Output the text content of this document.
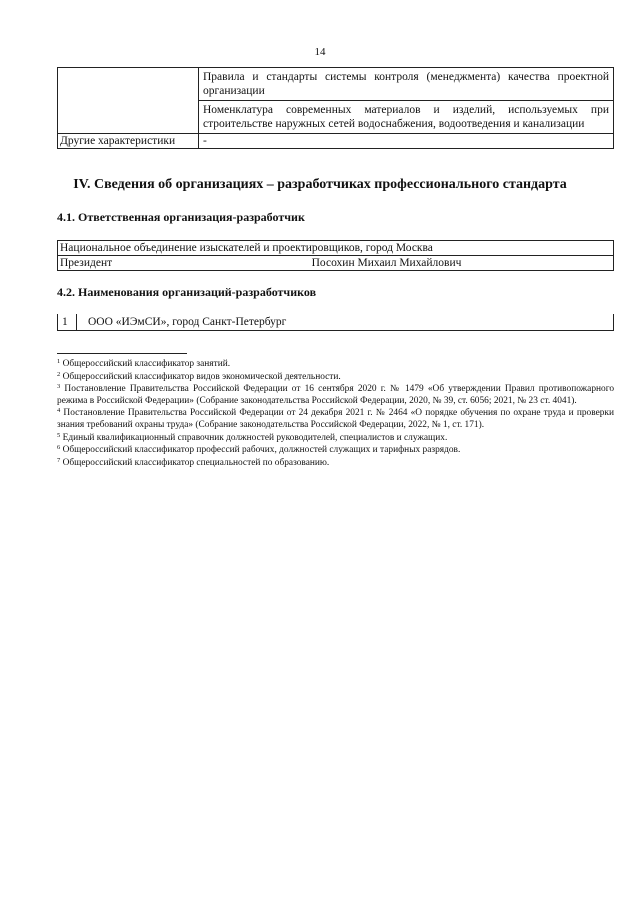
14
	Правила и стандарты системы контроля (менеджмента) качества проектной организации
	Номенклатура современных материалов и изделий, используемых при строительстве наружных сетей водоснабжения, водоотведения и канализации
Другие характеристики	-
IV. Сведения об организациях – разработчиках профессионального стандарта
4.1. Ответственная организация-разработчик
Национальное объединение изыскателей и проектировщиков, город Москва
Президент	Посохин Михаил Михайлович
4.2. Наименования организаций-разработчиков
1	ООО «ИЭмСИ», город Санкт-Петербург
$^1$ Общероссийский классификатор занятий.
$^2$ Общероссийский классификатор видов экономической деятельности.
$^3$ Постановление Правительства Российской Федерации от 16 сентября 2020 г. № 1479 «Об утверждении Правил противопожарного режима в Российской Федерации» (Собрание законодательства Российской Федерации, 2020, № 39, ст. 6056; 2021, № 23 ст. 4041).
$^4$ Постановление Правительства Российской Федерации от 24 декабря 2021 г. № 2464 «О порядке обучения по охране труда и проверки знания требований охраны труда» (Собрание законодательства Российской Федерации, 2022, № 1, ст. 171).
$^5$ Единый квалификационный справочник должностей руководителей, специалистов и служащих.
$^6$ Общероссийский классификатор профессий рабочих, должностей служащих и тарифных разрядов.
$^7$ Общероссийский классификатор специальностей по образованию.
